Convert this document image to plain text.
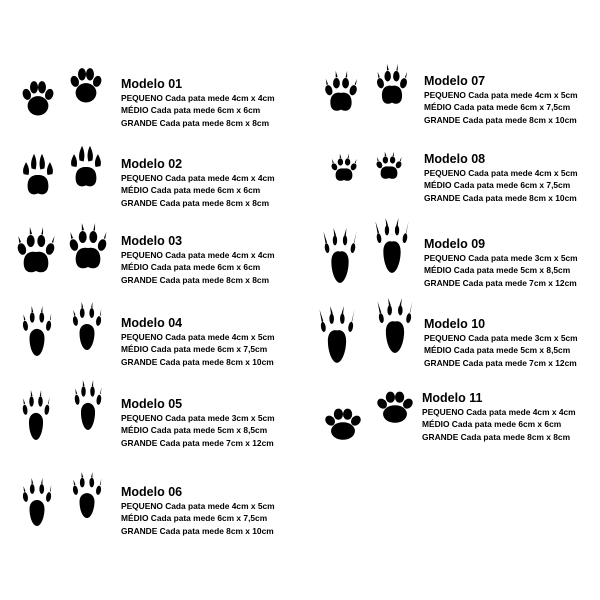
Modelo 01
PEQUENO Cada pata mede 4cm x 4cm
MÉDIO Cada pata mede 6cm x 6cm
GRANDE Cada pata mede 8cm x 8cm
Modelo 02
PEQUENO Cada pata mede 4cm x 4cm
MÉDIO Cada pata mede 6cm x 6cm
GRANDE Cada pata mede 8cm x 8cm
Modelo 03
PEQUENO Cada pata mede 4cm x 4cm
MÉDIO Cada pata mede 6cm x 6cm
GRANDE Cada pata mede 8cm x 8cm
Modelo 04
PEQUENO Cada pata mede 4cm x 5cm
MÉDIO Cada pata mede 6cm x 7,5cm
GRANDE Cada pata mede 8cm x 10cm
Modelo 05
PEQUENO Cada pata mede 3cm x 5cm
MÉDIO Cada pata mede 5cm x 8,5cm
GRANDE Cada pata mede 7cm x 12cm
Modelo 06
PEQUENO Cada pata mede 4cm x 5cm
MÉDIO Cada pata mede 6cm x 7,5cm
GRANDE Cada pata mede 8cm x 10cm
Modelo 07
PEQUENO Cada pata mede 4cm x 5cm
MÉDIO Cada pata mede 6cm x 7,5cm
GRANDE Cada pata mede 8cm x 10cm
Modelo 08
PEQUENO Cada pata mede 4cm x 5cm
MÉDIO Cada pata mede 6cm x 7,5cm
GRANDE Cada pata mede 8cm x 10cm
Modelo 09
PEQUENO Cada pata mede 3cm x 5cm
MÉDIO Cada pata mede 5cm x 8,5cm
GRANDE Cada pata mede 7cm x 12cm
Modelo 10
PEQUENO Cada pata mede 3cm x 5cm
MÉDIO Cada pata mede 5cm x 8,5cm
GRANDE Cada pata mede 7cm x 12cm
Modelo 11
PEQUENO Cada pata mede 4cm x 4cm
MÉDIO Cada pata mede 6cm x 6cm
GRANDE Cada pata mede 8cm x 8cm
